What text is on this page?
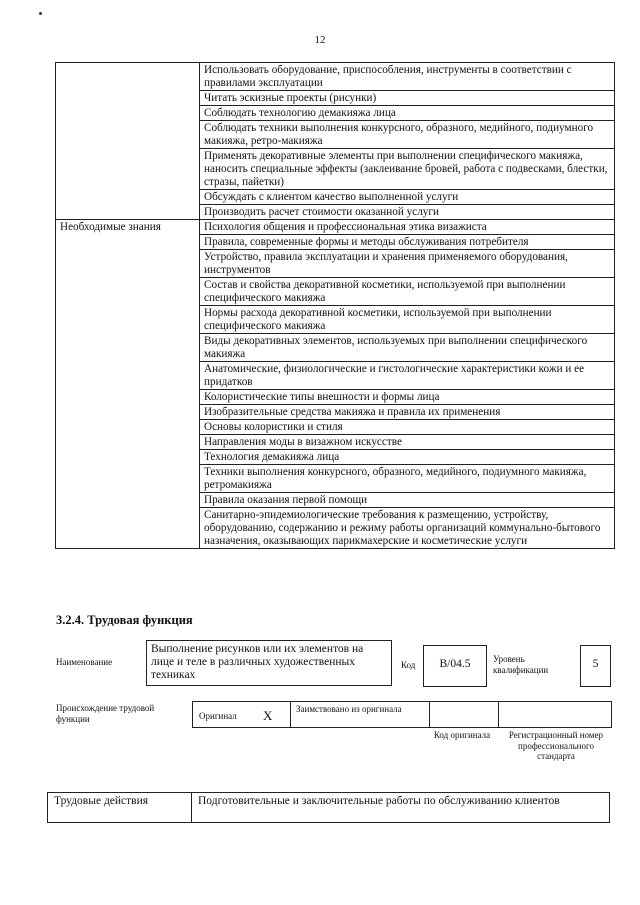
12
	Использовать оборудование, приспособления, инструменты в соответствии с правилами эксплуатации
	Читать эскизные проекты (рисунки)
	Соблюдать технологию демакияжа лица
	Соблюдать техники выполнения конкурсного, образного, медийного, подиумного макияжа, ретро-макияжа
	Применять декоративные элементы при выполнении специфического макияжа, наносить специальные эффекты (заклеивание бровей, работа с подвесками, блестки, стразы, пайетки)
	Обсуждать с клиентом качество выполненной услуги
	Производить расчет стоимости оказанной услуги
Необходимые знания	Психология общения и профессиональная этика визажиста
	Правила, современные формы и методы обслуживания потребителя
	Устройство, правила эксплуатации и хранения применяемого оборудования, инструментов
	Состав и свойства декоративной косметики, используемой при выполнении специфического макияжа
	Нормы расхода декоративной косметики, используемой при выполнении специфического макияжа
	Виды декоративных элементов, используемых при выполнении специфического макияжа
	Анатомические, физиологические и гистологические характеристики кожи и ее придатков
	Колористические типы внешности и формы лица
	Изобразительные средства макияжа и правила их применения
	Основы колористики и стиля
	Направления моды в визажном искусстве
	Технология демакияжа лица
	Техники выполнения конкурсного, образного, медийного, подиумного макияжа, ретромакияжа
	Правила оказания первой помощи
	Санитарно-эпидемиологические требования к размещению, устройству, оборудованию, содержанию и режиму работы организаций коммунально-бытового назначения, оказывающих парикмахерские и косметические услуги
3.2.4. Трудовая функция
Наименование
Выполнение рисунков или их элементов на лице и теле в различных художественных техниках
Код	В/04.5	Уровень квалификации	5
Происхождение трудовой функции	Оригинал Х	Заимствовано из оригинала
Код оригинала	Регистрационный номер профессионального стандарта
Трудовые действия	Подготовительные и заключительные работы по обслуживанию клиентов
